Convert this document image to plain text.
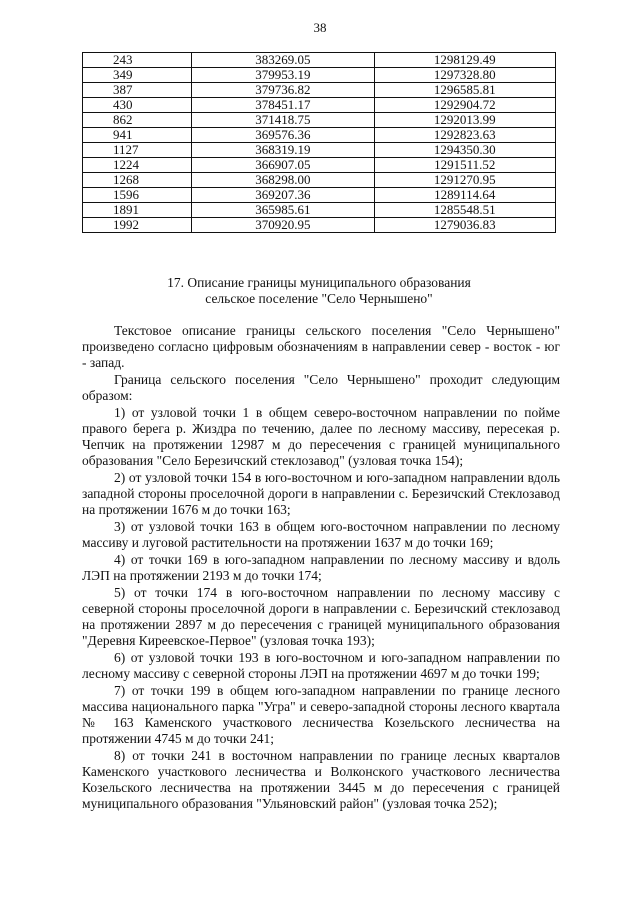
38
243	383269.05	1298129.49
349	379953.19	1297328.80
387	379736.82	1296585.81
430	378451.17	1292904.72
862	371418.75	1292013.99
941	369576.36	1292823.63
1127	368319.19	1294350.30
1224	366907.05	1291511.52
1268	368298.00	1291270.95
1596	369207.36	1289114.64
1891	365985.61	1285548.51
1992	370920.95	1279036.83
17. Описание границы муниципального образования
сельское поселение "Село Чернышено"

Текстовое описание границы сельского поселения "Село Чернышено" произведено согласно цифровым обозначениям в направлении север - восток - юг - запад.

Граница сельского поселения "Село Чернышено" проходит следующим образом:

1) от узловой точки 1 в общем северо-восточном направлении по пойме правого берега р. Жиздра по течению, далее по лесному массиву, пересекая р. Чепчик на протяжении 12987 м до пересечения с границей муниципального образования "Село Березичский стеклозавод" (узловая точка 154);

2) от узловой точки 154 в юго-восточном и юго-западном направлении вдоль западной стороны проселочной дороги в направлении с. Березичский Стеклозавод на протяжении 1676 м до точки 163;

3) от узловой точки 163 в общем юго-восточном направлении по лесному массиву и луговой растительности на протяжении 1637 м до точки 169;

4) от точки 169 в юго-западном направлении по лесному массиву и вдоль ЛЭП на протяжении 2193 м до точки 174;

5) от точки 174 в юго-восточном направлении по лесному массиву с северной стороны проселочной дороги в направлении с. Березичский стеклозавод на протяжении 2897 м до пересечения с границей муниципального образования "Деревня Киреевское-Первое" (узловая точка 193);

6) от узловой точки 193 в юго-восточном и юго-западном направлении по лесному массиву с северной стороны ЛЭП на протяжении 4697 м до точки 199;

7) от точки 199 в общем юго-западном направлении по границе лесного массива национального парка "Угра" и северо-западной стороны лесного квартала № 163 Каменского участкового лесничества Козельского лесничества на протяжении 4745 м до точки 241;

8) от точки 241 в восточном направлении по границе лесных кварталов Каменского участкового лесничества и Волконского участкового лесничества Козельского лесничества на протяжении 3445 м до пересечения с границей муниципального образования "Ульяновский район" (узловая точка 252);
